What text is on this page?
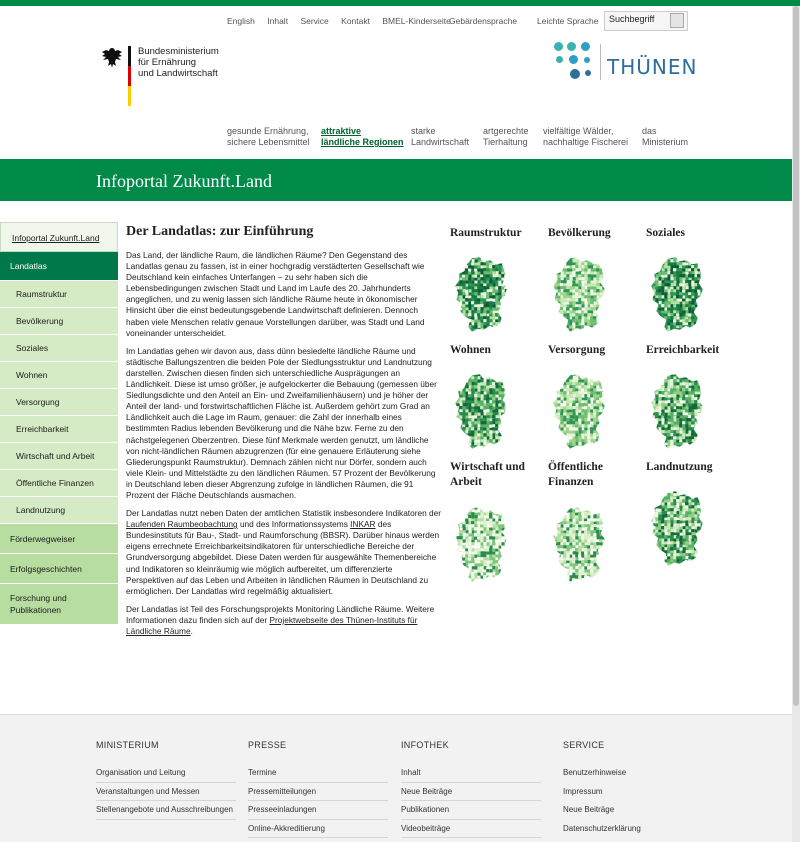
English Inhalt Service Kontakt BMEL-Kinderseite
Gebärdensprache Leichte Sprache	Suchbegriff
Bundesministerium
für Ernährung
und Landwirtschaft	THÜNEN
gesunde Ernährung,
sichere Lebensmittel
attraktive
ländliche Regionen
starke
Landwirtschaft
artgerechte
Tierhaltung
vielfältige Wälder,
nachhaltige Fischerei
das
Ministerium
Infoportal Zukunft.Land
Infoportal Zukunft.Land
Landatlas
Raumstruktur
Bevölkerung
Soziales
Wohnen
Versorgung
Erreichbarkeit
Wirtschaft und Arbeit
Öffentliche Finanzen
Landnutzung
Förderwegweiser
Erfolgsgeschichten
Forschung und
Publikationen
Der Landatlas: zur Einführung

Das Land, der ländliche Raum, die ländlichen Räume? Den Gegenstand des Landatlas genau zu fassen, ist in einer hochgradig verstädterten Gesellschaft wie Deutschland kein einfaches Unterfangen – zu sehr haben sich die Lebensbedingungen zwischen Stadt und Land im Laufe des 20. Jahrhunderts angeglichen, und zu wenig lassen sich ländliche Räume heute in ökonomischer Hinsicht über die einst bedeutungsgebende Landwirtschaft definieren. Dennoch haben viele Menschen relativ genaue Vorstellungen darüber, was Stadt und Land voneinander unterscheidet.

Im Landatlas gehen wir davon aus, dass dünn besiedelte ländliche Räume und städtische Ballungszentren die beiden Pole der Siedlungsstruktur und Landnutzung darstellen. Zwischen diesen finden sich unterschiedliche Ausprägungen an Ländlichkeit. Diese ist umso größer, je aufgelockerter die Bebauung (gemessen über Siedlungsdichte und den Anteil an Ein- und Zweifamilienhäusern) und je höher der Anteil der land- und forstwirtschaftlichen Fläche ist. Außerdem gehört zum Grad an Ländlichkeit auch die Lage im Raum, genauer: die Zahl der innerhalb eines bestimmten Radius lebenden Bevölkerung und die Nähe bzw. Ferne zu den nächstgelegenen Oberzentren. Diese fünf Merkmale werden genutzt, um ländliche von nicht-ländlichen Räumen abzugrenzen (für eine genauere Erläuterung siehe Gliederungspunkt Raumstruktur). Demnach zählen nicht nur Dörfer, sondern auch viele Klein- und Mittelstädte zu den ländlichen Räumen. 57 Prozent der Bevölkerung in Deutschland leben dieser Abgrenzung zufolge in ländlichen Räumen, die 91 Prozent der Fläche Deutschlands ausmachen.

Der Landatlas nutzt neben Daten der amtlichen Statistik insbesondere Indikatoren der Laufenden Raumbeobachtung und des Informationssystems INKAR des Bundesinstituts für Bau-, Stadt- und Raumforschung (BBSR). Darüber hinaus werden eigens errechnete Erreichbarkeitsindikatoren für unterschiedliche Bereiche der Grundversorgung abgebildet. Diese Daten werden für ausgewählte Themenbereiche und Indikatoren so kleinräumig wie möglich aufbereitet, um differenzierte Perspektiven auf das Leben und Arbeiten in ländlichen Räumen in Deutschland zu ermöglichen. Der Landatlas wird regelmäßig aktualisiert.

Der Landatlas ist Teil des Forschungsprojekts Monitoring Ländliche Räume. Weitere Informationen dazu finden sich auf der Projektwebseite des Thünen-Instituts für Ländliche Räume.

Raumstruktur	Bevölkerung	Soziales
Wohnen	Versorgung	Erreichbarkeit
Wirtschaft und Arbeit
Öffentliche Finanzen
Landnutzung
MINISTERIUM
Organisation und Leitung
Veranstaltungen und Messen
Stellenangebote und Ausschreibungen
PRESSE
Termine
Pressemitteilungen
Presseeinladungen
Online-Akkreditierung
INFOTHEK
Inhalt
Neue Beiträge
Publikationen
Videobeiträge
SERVICE
Benutzerhinweise
Impressum
Neue Beiträge
Datenschutzerklärung
